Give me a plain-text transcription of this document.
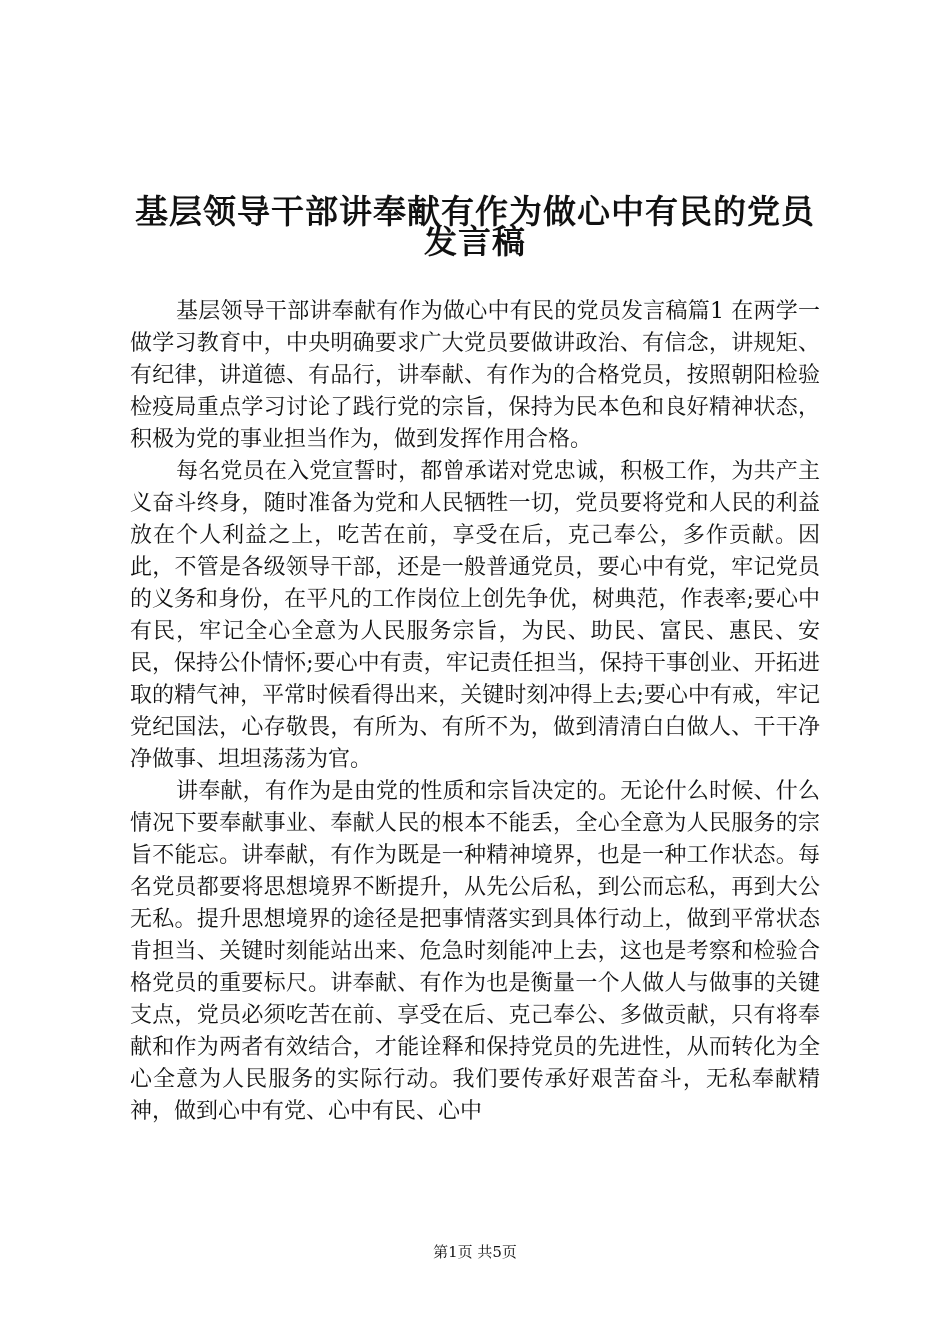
基层领导干部讲奉献有作为做心中有民的党员
发言稿

基层领导干部讲奉献有作为做心中有民的党员发言稿篇1 在两学一做学习教育中，中央明确要求广大党员要做讲政治、有信念，讲规矩、有纪律，讲道德、有品行，讲奉献、有作为的合格党员，按照朝阳检验检疫局重点学习讨论了践行党的宗旨，保持为民本色和良好精神状态，积极为党的事业担当作为，做到发挥作用合格。

每名党员在入党宣誓时，都曾承诺对党忠诚，积极工作，为共产主义奋斗终身，随时准备为党和人民牺牲一切，党员要将党和人民的利益放在个人利益之上，吃苦在前，享受在后，克己奉公，多作贡献。因此，不管是各级领导干部，还是一般普通党员，要心中有党，牢记党员的义务和身份，在平凡的工作岗位上创先争优，树典范，作表率;要心中有民，牢记全心全意为人民服务宗旨，为民、助民、富民、惠民、安民，保持公仆情怀;要心中有责，牢记责任担当，保持干事创业、开拓进取的精气神，平常时候看得出来，关键时刻冲得上去;要心中有戒，牢记党纪国法，心存敬畏，有所为、有所不为，做到清清白白做人、干干净净做事、坦坦荡荡为官。

讲奉献，有作为是由党的性质和宗旨决定的。无论什么时候、什么情况下要奉献事业、奉献人民的根本不能丢，全心全意为人民服务的宗旨不能忘。讲奉献，有作为既是一种精神境界，也是一种工作状态。每名党员都要将思想境界不断提升，从先公后私，到公而忘私，再到大公无私。提升思想境界的途径是把事情落实到具体行动上，做到平常状态肯担当、关键时刻能站出来、危急时刻能冲上去，这也是考察和检验合格党员的重要标尺。讲奉献、有作为也是衡量一个人做人与做事的关键支点，党员必须吃苦在前、享受在后、克己奉公、多做贡献，只有将奉献和作为两者有效结合，才能诠释和保持党员的先进性，从而转化为全心全意为人民服务的实际行动。我们要传承好艰苦奋斗，无私奉献精神，做到心中有党、心中有民、心中

第1页 共5页
